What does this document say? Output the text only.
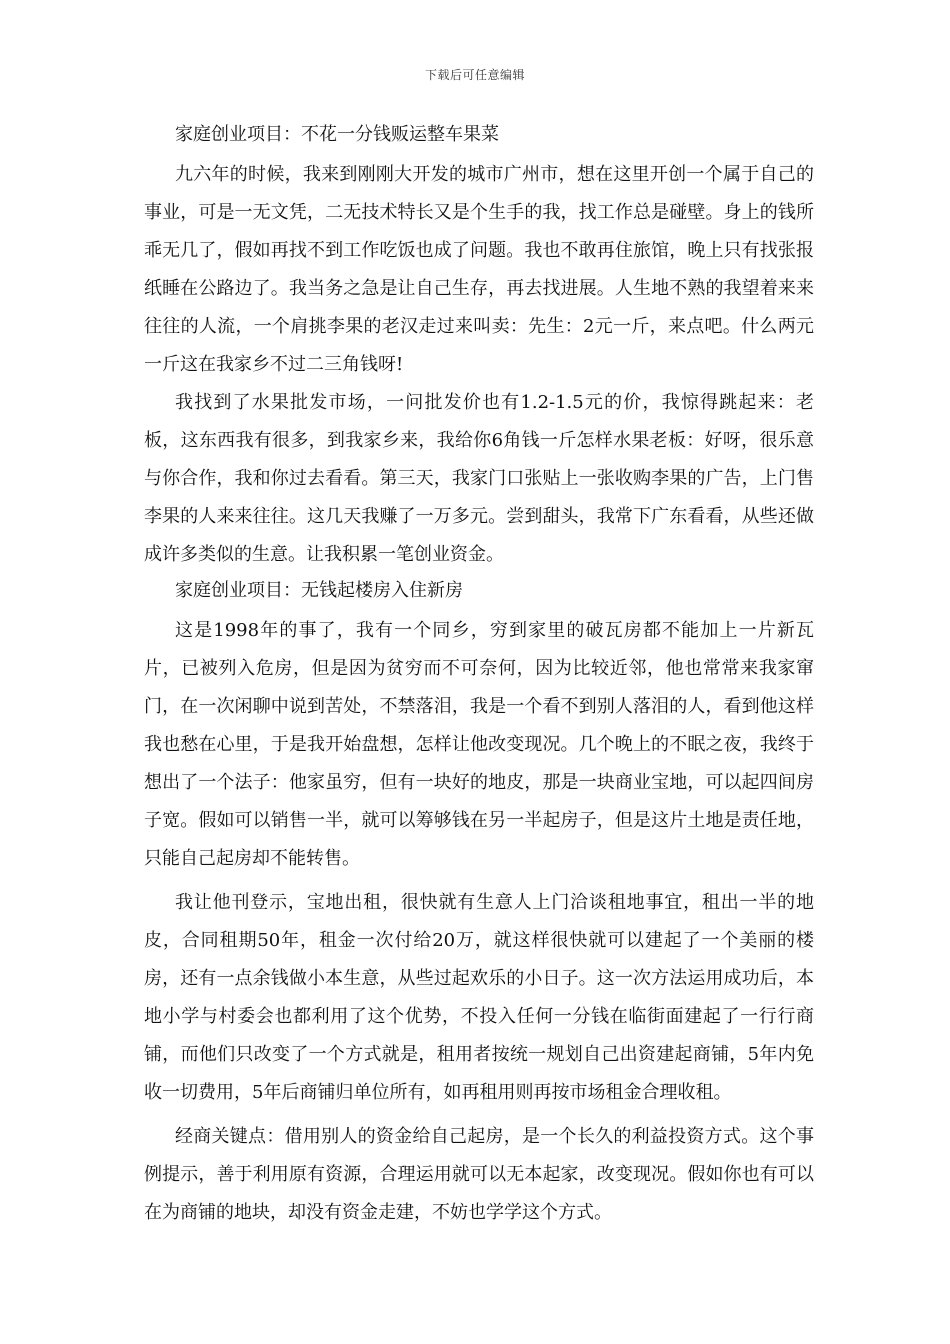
下载后可任意编辑

家庭创业项目：不花一分钱贩运整车果菜

九六年的时候，我来到刚刚大开发的城市广州市，想在这里开创一个属于自己的事业，可是一无文凭，二无技术特长又是个生手的我，找工作总是碰壁。身上的钱所乖无几了，假如再找不到工作吃饭也成了问题。我也不敢再住旅馆，晚上只有找张报纸睡在公路边了。我当务之急是让自己生存，再去找进展。人生地不熟的我望着来来往往的人流，一个肩挑李果的老汉走过来叫卖：先生：2元一斤，来点吧。什么两元一斤这在我家乡不过二三角钱呀!

我找到了水果批发市场，一问批发价也有1.2-1.5元的价，我惊得跳起来：老板，这东西我有很多，到我家乡来，我给你6角钱一斤怎样水果老板：好呀，很乐意与你合作，我和你过去看看。第三天，我家门口张贴上一张收购李果的广告，上门售李果的人来来往往。这几天我赚了一万多元。尝到甜头，我常下广东看看，从些还做成许多类似的生意。让我积累一笔创业资金。

家庭创业项目：无钱起楼房入住新房

这是1998年的事了，我有一个同乡，穷到家里的破瓦房都不能加上一片新瓦片，已被列入危房，但是因为贫穷而不可奈何，因为比较近邻，他也常常来我家窜门，在一次闲聊中说到苦处，不禁落泪，我是一个看不到别人落泪的人，看到他这样我也愁在心里，于是我开始盘想，怎样让他改变现况。几个晚上的不眠之夜，我终于想出了一个法子：他家虽穷，但有一块好的地皮，那是一块商业宝地，可以起四间房子宽。假如可以销售一半，就可以筹够钱在另一半起房子，但是这片土地是责任地，只能自己起房却不能转售。

我让他刊登示，宝地出租，很快就有生意人上门洽谈租地事宜，租出一半的地皮，合同租期50年，租金一次付给20万，就这样很快就可以建起了一个美丽的楼房，还有一点余钱做小本生意，从些过起欢乐的小日子。这一次方法运用成功后，本地小学与村委会也都利用了这个优势，不投入任何一分钱在临街面建起了一行行商铺，而他们只改变了一个方式就是，租用者按统一规划自己出资建起商铺，5年内免收一切费用，5年后商铺归单位所有，如再租用则再按市场租金合理收租。

经商关键点：借用别人的资金给自己起房，是一个长久的利益投资方式。这个事例提示，善于利用原有资源，合理运用就可以无本起家，改变现况。假如你也有可以在为商铺的地块，却没有资金走建，不妨也学学这个方式。
